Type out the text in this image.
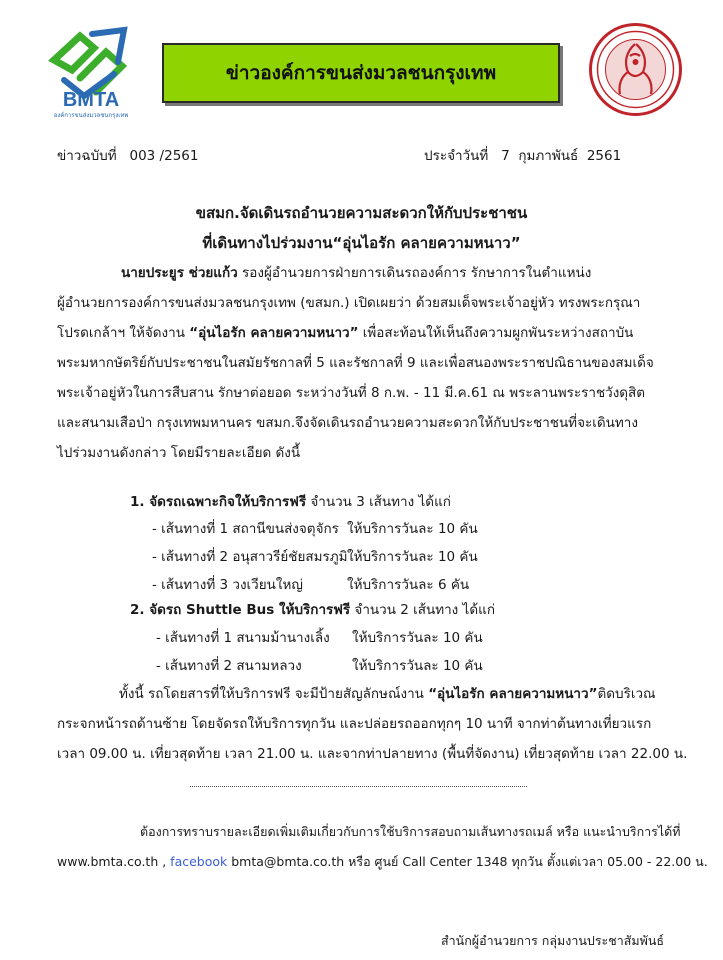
BMTA
องค์การขนส่งมวลชนกรุงเทพ
ข่าวองค์การขนส่งมวลชนกรุงเทพ
ข่าวฉบับที่   003 /2561	ประจำวันที่   7  กุมภาพันธ์  2561
ขสมก.จัดเดินรถอำนวยความสะดวกให้กับประชาชน
ที่เดินทางไปร่วมงาน“อุ่นไอรัก คลายความหนาว”
นายประยูร ช่วยแก้ว รองผู้อำนวยการฝ่ายการเดินรถองค์การ รักษาการในตำแหน่ง
ผู้อำนวยการองค์การขนส่งมวลชนกรุงเทพ (ขสมก.) เปิดเผยว่า ด้วยสมเด็จพระเจ้าอยู่หัว ทรงพระกรุณา
โปรดเกล้าฯ ให้จัดงาน “อุ่นไอรัก คลายความหนาว” เพื่อสะท้อนให้เห็นถึงความผูกพันระหว่างสถาบัน
พระมหากษัตริย์กับประชาชนในสมัยรัชกาลที่ 5 และรัชกาลที่ 9 และเพื่อสนองพระราชปณิธานของสมเด็จ
พระเจ้าอยู่หัวในการสืบสาน รักษาต่อยอด ระหว่างวันที่ 8 ก.พ. - 11 มี.ค.61 ณ พระลานพระราชวังดุสิต
และสนามเสือป่า กรุงเทพมหานคร ขสมก.จึงจัดเดินรถอำนวยความสะดวกให้กับประชาชนที่จะเดินทาง
ไปร่วมงานดังกล่าว โดยมีรายละเอียด ดังนี้
1. จัดรถเฉพาะกิจให้บริการฟรี จำนวน 3 เส้นทาง ได้แก่
- เส้นทางที่ 1 สถานีขนส่งจตุจักร ให้บริการวันละ 10 คัน
- เส้นทางที่ 2 อนุสาวรีย์ชัยสมรภูมิ ให้บริการวันละ 10 คัน
- เส้นทางที่ 3 วงเวียนใหญ่	ให้บริการวันละ 6 คัน
2. จัดรถ Shuttle Bus ให้บริการฟรี จำนวน 2 เส้นทาง ได้แก่
- เส้นทางที่ 1 สนามม้านางเลิ้ง ให้บริการวันละ 10 คัน
- เส้นทางที่ 2 สนามหลวง	ให้บริการวันละ 10 คัน
ทั้งนี้ รถโดยสารที่ให้บริการฟรี จะมีป้ายสัญลักษณ์งาน “อุ่นไอรัก คลายความหนาว”ติดบริเวณ
กระจกหน้ารถด้านซ้าย โดยจัดรถให้บริการทุกวัน และปล่อยรถออกทุกๆ 10 นาที จากท่าต้นทางเที่ยวแรก
เวลา 09.00 น. เที่ยวสุดท้าย เวลา 21.00 น. และจากท่าปลายทาง (พื้นที่จัดงาน) เที่ยวสุดท้าย เวลา 22.00 น.
ต้องการทราบรายละเอียดเพิ่มเติมเกี่ยวกับการใช้บริการสอบถามเส้นทางรถเมล์ หรือ แนะนำบริการได้ที่
www.bmta.co.th , facebook bmta@bmta.co.th หรือ ศูนย์ Call Center 1348 ทุกวัน ตั้งแต่เวลา 05.00 - 22.00 น.
สำนักผู้อำนวยการ กลุ่มงานประชาสัมพันธ์
